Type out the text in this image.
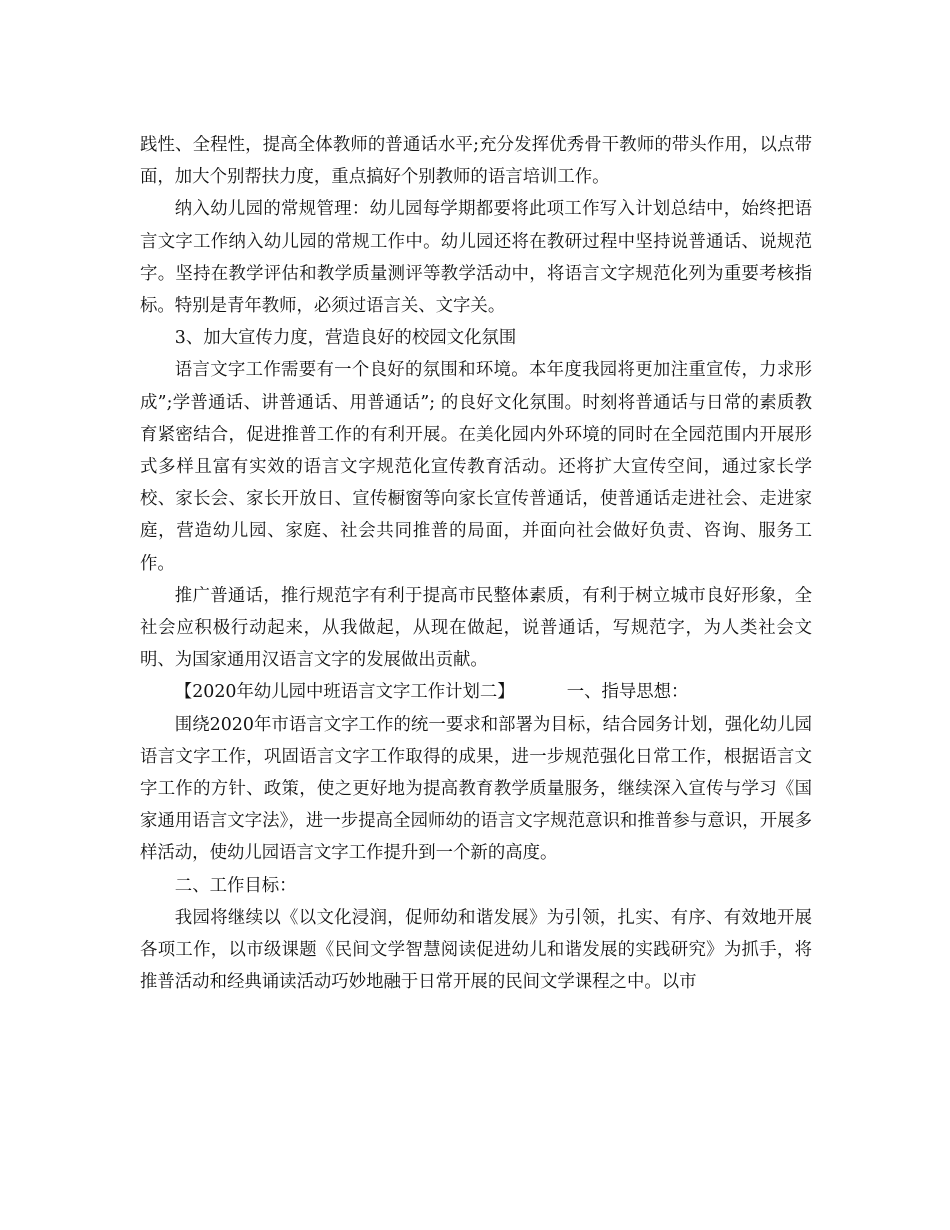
践性、全程性，提高全体教师的普通话水平;充分发挥优秀骨干教师的带头作用，以点带面，加大个别帮扶力度，重点搞好个别教师的语言培训工作。

纳入幼儿园的常规管理：幼儿园每学期都要将此项工作写入计划总结中，始终把语言文字工作纳入幼儿园的常规工作中。幼儿园还将在教研过程中坚持说普通话、说规范字。坚持在教学评估和教学质量测评等教学活动中，将语言文字规范化列为重要考核指标。特别是青年教师，必须过语言关、文字关。

3、加大宣传力度，营造良好的校园文化氛围

语言文字工作需要有一个良好的氛围和环境。本年度我园将更加注重宣传，力求形成”;学普通话、讲普通话、用普通话”; 的良好文化氛围。时刻将普通话与日常的素质教育紧密结合，促进推普工作的有利开展。在美化园内外环境的同时在全园范围内开展形式多样且富有实效的语言文字规范化宣传教育活动。还将扩大宣传空间，通过家长学校、家长会、家长开放日、宣传橱窗等向家长宣传普通话，使普通话走进社会、走进家庭，营造幼儿园、家庭、社会共同推普的局面，并面向社会做好负责、咨询、服务工作。

推广普通话，推行规范字有利于提高市民整体素质，有利于树立城市良好形象，全社会应积极行动起来，从我做起，从现在做起，说普通话，写规范字，为人类社会文明、为国家通用汉语言文字的发展做出贡献。

【2020年幼儿园中班语言文字工作计划二】	一、指导思想：

围绕2020年市语言文字工作的统一要求和部署为目标，结合园务计划，强化幼儿园语言文字工作，巩固语言文字工作取得的成果，进一步规范强化日常工作，根据语言文字工作的方针、政策，使之更好地为提高教育教学质量服务，继续深入宣传与学习《国家通用语言文字法》，进一步提高全园师幼的语言文字规范意识和推普参与意识，开展多样活动，使幼儿园语言文字工作提升到一个新的高度。

二、工作目标：

我园将继续以《以文化浸润，促师幼和谐发展》为引领，扎实、有序、有效地开展各项工作，以市级课题《民间文学智慧阅读促进幼儿和谐发展的实践研究》为抓手，将推普活动和经典诵读活动巧妙地融于日常开展的民间文学课程之中。以市
